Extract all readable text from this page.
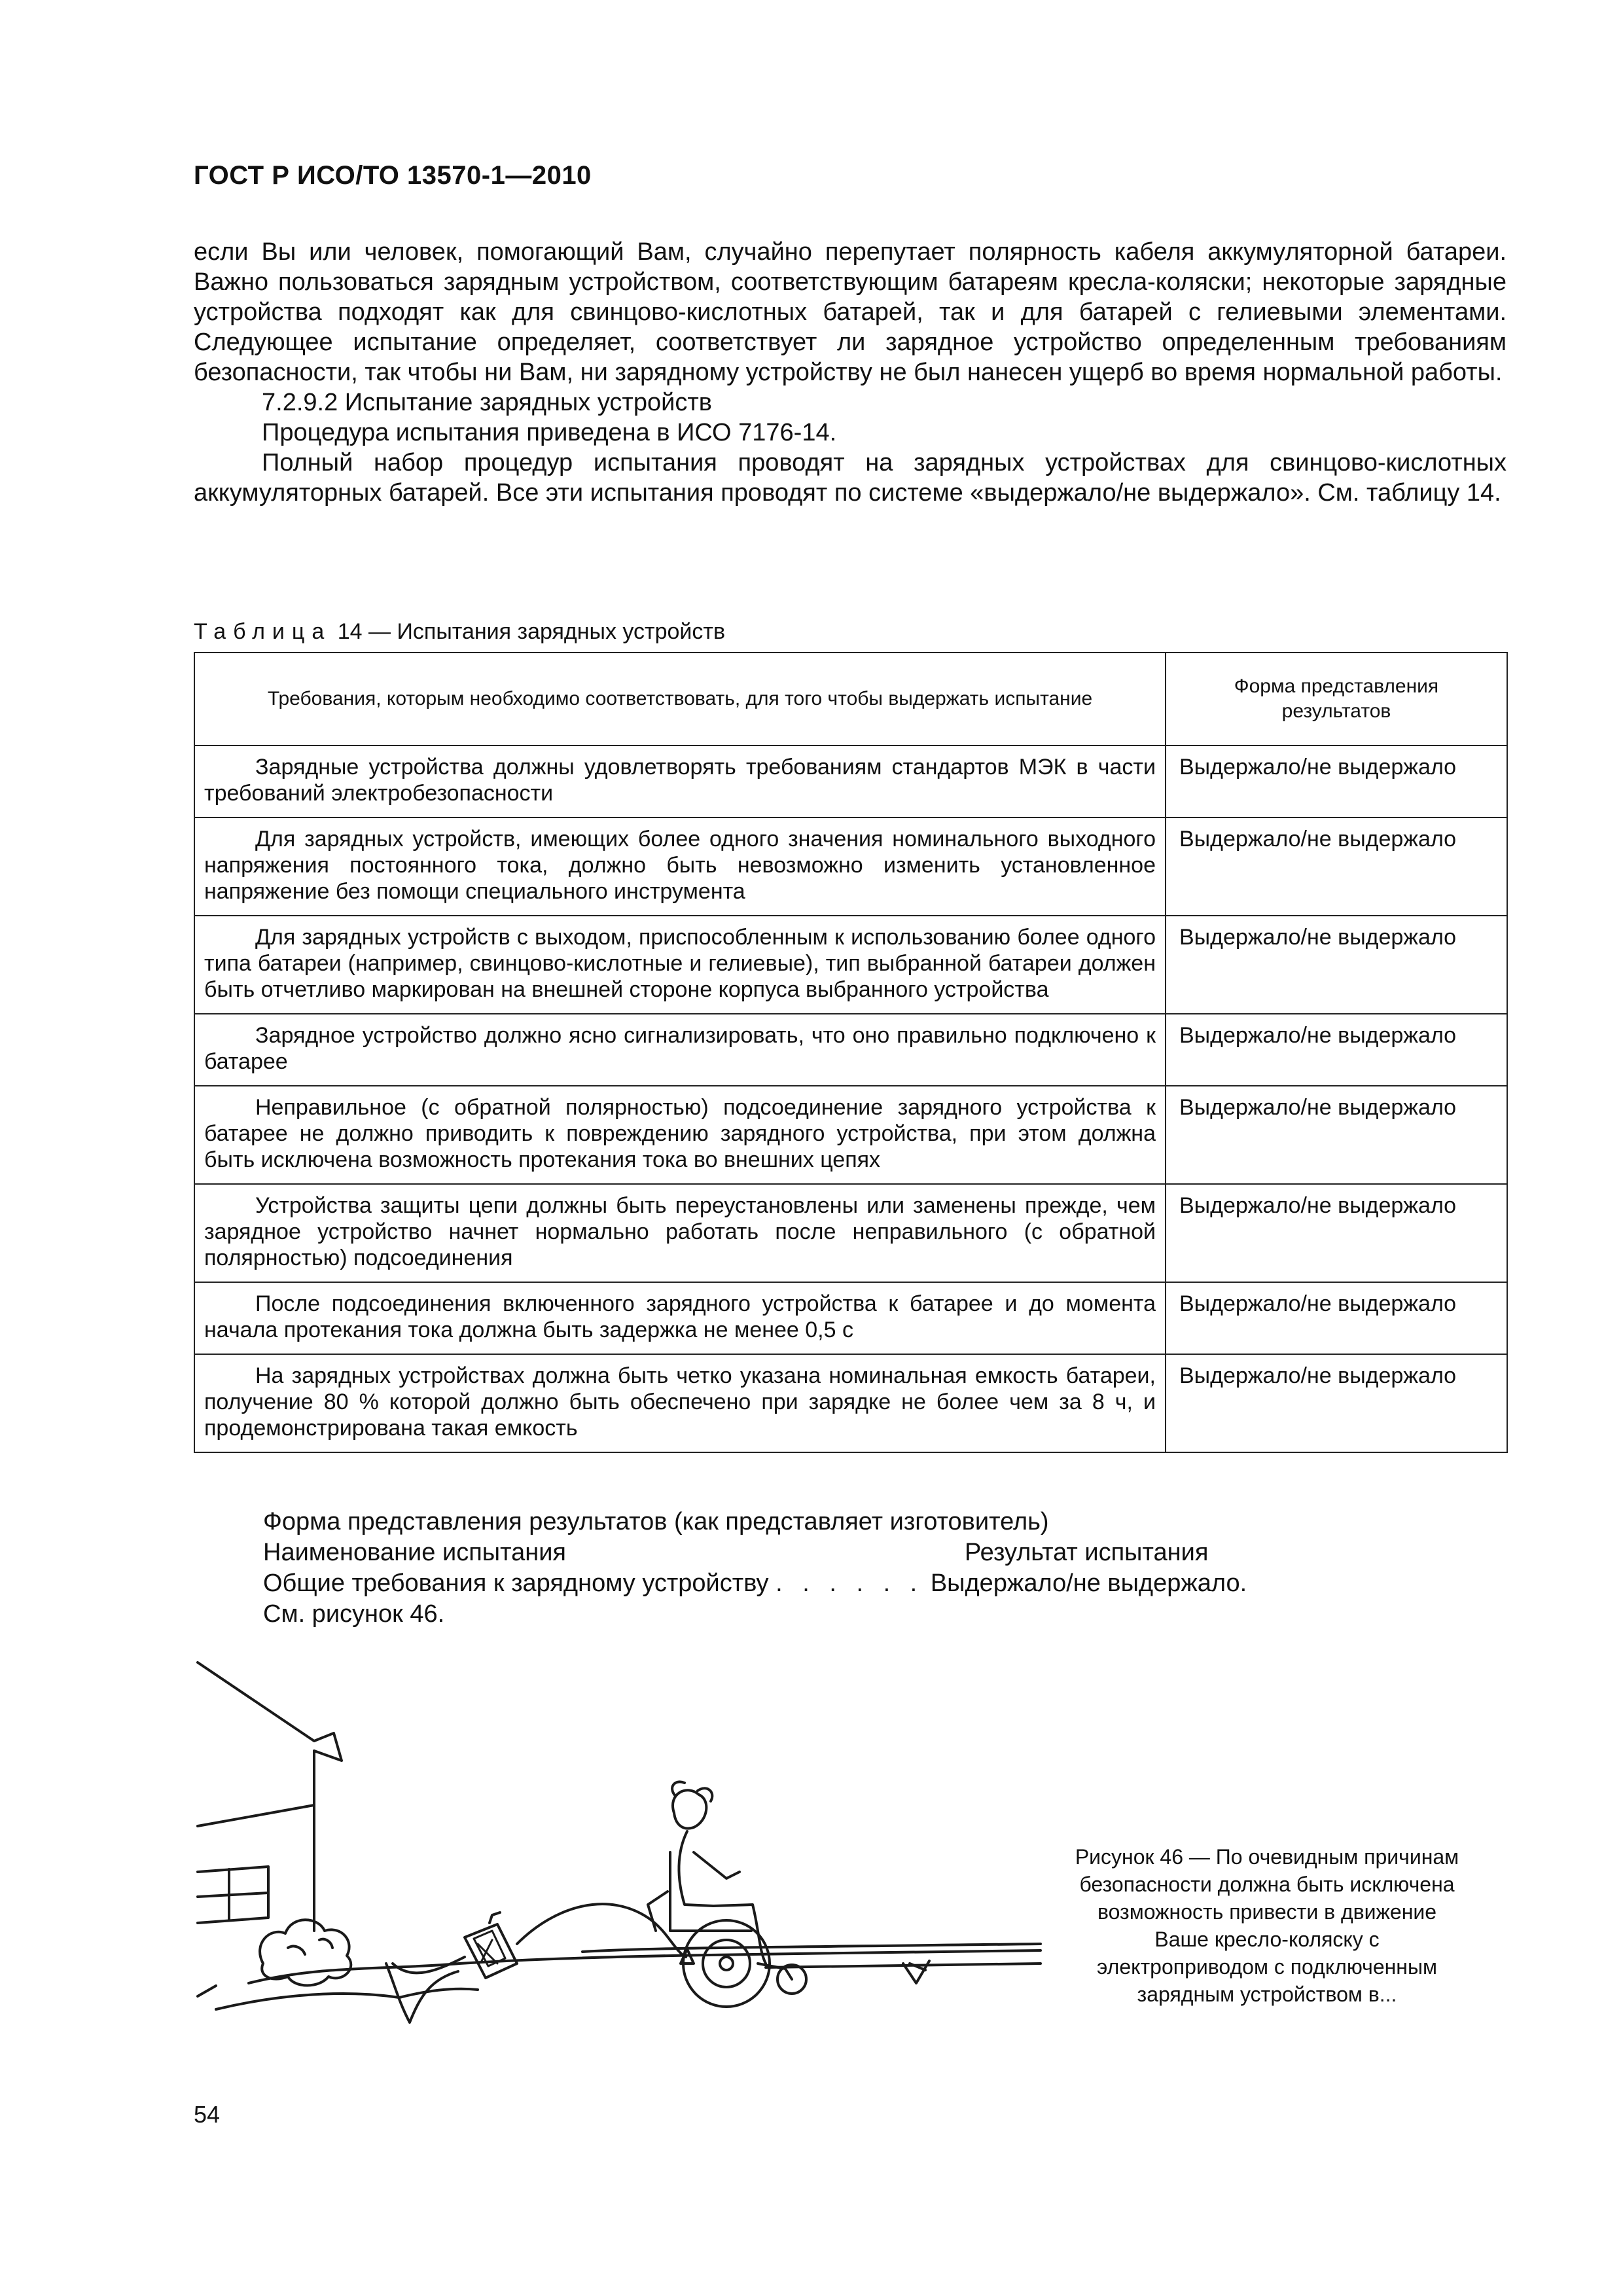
ГОСТ Р ИСО/ТО 13570-1—2010

если Вы или человек, помогающий Вам, случайно перепутает полярность кабеля аккумуляторной батареи. Важно пользоваться зарядным устройством, соответствующим батареям кресла-коляски; некоторые зарядные устройства подходят как для свинцово-кислотных батарей, так и для батарей с гелиевыми элементами. Следующее испытание определяет, соответствует ли зарядное устройство определенным требованиям безопасности, так чтобы ни Вам, ни зарядному устройству не был нанесен ущерб во время нормальной работы.

7.2.9.2 Испытание зарядных устройств

Процедура испытания приведена в ИСО 7176-14.

Полный набор процедур испытания проводят на зарядных устройствах для свинцово-кислотных аккумуляторных батарей. Все эти испытания проводят по системе «выдержало/не выдержало». См. таблицу 14.

Таблица 14 — Испытания зарядных устройств
Требования, которым необходимо соответствовать, для того чтобы выдержать испытание	Форма представления результатов
Зарядные устройства должны удовлетворять требованиям стандартов МЭК в части требований электробезопасности	Выдержало/не выдержало
Для зарядных устройств, имеющих более одного значения номинального выходного напряжения постоянного тока, должно быть невозможно изменить установленное напряжение без помощи специального инструмента	Выдержало/не выдержало
Для зарядных устройств с выходом, приспособленным к использованию более одного типа батареи (например, свинцово-кислотные и гелиевые), тип выбранной батареи должен быть отчетливо маркирован на внешней стороне корпуса выбранного устройства	Выдержало/не выдержало
Зарядное устройство должно ясно сигнализировать, что оно правильно подключено к батарее	Выдержало/не выдержало
Неправильное (с обратной полярностью) подсоединение зарядного устройства к батарее не должно приводить к повреждению зарядного устройства, при этом должна быть исключена возможность протекания тока во внешних цепях	Выдержало/не выдержало
Устройства защиты цепи должны быть переустановлены или заменены прежде, чем зарядное устройство начнет нормально работать после неправильного (с обратной полярностью) подсоединения	Выдержало/не выдержало
После подсоединения включенного зарядного устройства к батарее и до момента начала протекания тока должна быть задержка не менее 0,5 с	Выдержало/не выдержало
На зарядных устройствах должна быть четко указана номинальная емкость батареи, получение 80 % которой должно быть обеспечено при зарядке не более чем за 8 ч, и продемонстрирована такая емкость	Выдержало/не выдержало
Форма представления результатов (как представляет изготовитель)
Наименование испытания	Результат испытания
Общие требования к зарядному устройству . . . . . . Выдержало/не выдержало.
См. рисунок 46.
Рисунок 46 — По очевидным причинам безопасности должна быть исключена возможность привести в движение Ваше кресло-коляску с электроприводом с подключенным зарядным устройством в...
54
